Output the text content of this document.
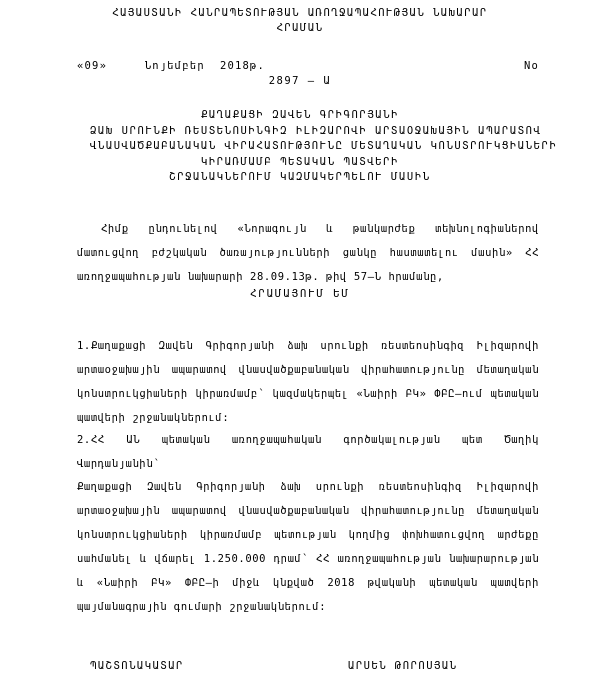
ՀԱՅԱՍՏԱՆԻ ՀԱՆՐԱՊԵՏՈՒԹՅԱՆ ԱՌՈՂՋԱՊԱՀՈՒԹՅԱՆ ՆԱԽԱՐԱՐ
ՀՐԱՄԱՆ
«09»	Նոյեմբեր 2018թ.	No
2897 – Ա
ՔԱՂԱՔԱՑԻ ԶԱՎԵՆ ԳՐԻԳՈՐՅԱՆԻ
ՁԱԽ ՍՐՈՒՆՔԻ ՌԵՍՏԵՆՈՍԻՆԳԻԶ ԻԼԻԶԱՐՈՎԻ ԱՐՏԱՕՋԱԽԱՅԻՆ ԱՊԱՐԱՏՈՎ
ՎՆԱՍՎԱԾՔԱԲԱՆԱԿԱՆ ՎԻՐԱՀԱՏՈՒԹՅՈՒՆԸ ՄԵՏԱՂԱԿԱՆ ԿՈՆՍՏՐՈՒԿՑԻԱՆԵՐԻ
ԿԻՐԱՌՄԱՄԲ ՊԵՏԱԿԱՆ ՊԱՏՎԵՐԻ
ՇՐՋԱՆԱԿՆԵՐՈՒՄ ԿԱԶՄԱԿԵՐՊԵԼՈՒ ՄԱՍԻՆ
Հիմք ընդունելով «Նորագույն և թանկարժեք տեխնոլոգիաներով մատուցվող բժշկական ծառայությունների ցանկը հաստատելու մասին» ՀՀ առողջապահության նախարարի 28.09.13թ. թիվ 57–Ն հրամանը,
ՀՐԱՄԱՅՈՒՄ ԵՄ
1.Քաղաքացի Զավեն Գրիգորյանի ձախ սրունքի ռեստեոսինգիզ Իլիզարովի արտաօջախային ապարատով վնասվածքաբանական վիրահատությունը մետաղական կոնստրուկցիաների կիրառմամբ՝ կազմակերպել «Նաիրի ԲԿ» ՓԲԸ–ում պետական պատվերի շրջանակներում:
2.ՀՀ ԱՆ պետական առողջապահական գործակալության պետ Ծաղիկ Վարդանյանին՝
Քաղաքացի Զավեն Գրիգորյանի ձախ սրունքի ռեստեոսինգիզ Իլիզարովի արտաօջախային ապարատով վնասվածքաբանական վիրահատությունը մետաղական կոնստրուկցիաների կիրառմամբ պետության կողմից փոխհատուցվող արժեքը սահմանել և վճարել 1.250.000 դրամ՝ ՀՀ առողջապահության նախարարության և «Նաիրի ԲԿ» ՓԲԸ–ի միջև կնքված 2018 թվականի պետական պատվերի պայմանագրային գումարի շրջանակներում:
ՊԱՇՏՈՆԱԿԱՏԱՐ	ԱՐՍԵՆ ԹՈՐՈՍՅԱՆ
